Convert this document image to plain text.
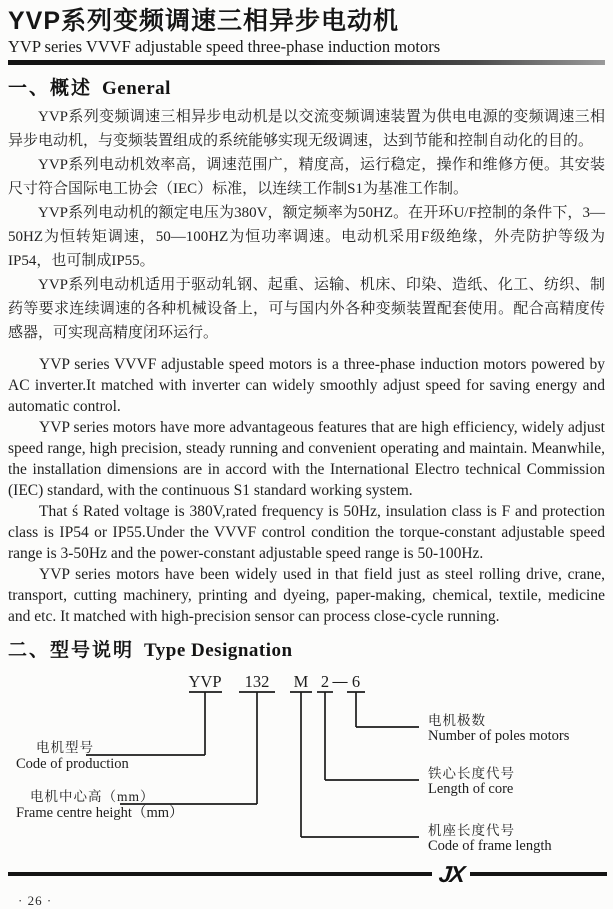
YVP系列变频调速三相异步电动机
YVP series VVVF adjustable speed three-phase induction motors
一、概述 General

YVP系列变频调速三相异步电动机是以交流变频调速装置为供电电源的变频调速三相异步电动机，与变频装置组成的系统能够实现无级调速，达到节能和控制自动化的目的。

YVP系列电动机效率高，调速范围广，精度高，运行稳定，操作和维修方便。其安装尺寸符合国际电工协会（IEC）标准，以连续工作制S1为基准工作制。

YVP系列电动机的额定电压为380V，额定频率为50HZ。在开环U/F控制的条件下，3—50HZ为恒转矩调速，50—100HZ为恒功率调速。电动机采用F级绝缘，外壳防护等级为IP54，也可制成IP55。

YVP系列电动机适用于驱动轧钢、起重、运输、机床、印染、造纸、化工、纺织、制药等要求连续调速的各种机械设备上，可与国内外各种变频装置配套使用。配合高精度传感器，可实现高精度闭环运行。

YVP series VVVF adjustable speed motors is a three-phase induction motors powered by AC inverter.It matched with inverter can widely smoothly adjust speed for saving energy and automatic control.

YVP series motors have more advantageous features that are high efficiency, widely adjust speed range, high precision, steady running and convenient operating and maintain. Meanwhile, the installation dimensions are in accord with the International Electro technical Commission (IEC) standard, with the continuous S1 standard working system.

That ś Rated voltage is 380V,rated frequency is 50Hz, insulation class is F and protection class is IP54 or IP55.Under the VVVF control condition the torque-constant adjustable speed range is 3-50Hz and the power-constant adjustable speed range is 50-100Hz.

YVP series motors have been widely used in that field just as steel rolling drive, crane, transport, cutting machinery, printing and dyeing, paper-making, chemical, textile, medicine and etc. It matched with high-precision sensor can process close-cycle running.

二、型号说明 Type Designation
YVP 132 M 2 — 6
电机型号
Code of production
电机中心高（mm）
Frame centre height（mm）
电机极数
Number of poles motors
铁心长度代号
Length of core
机座长度代号
Code of frame length
JX
· 26 ·
